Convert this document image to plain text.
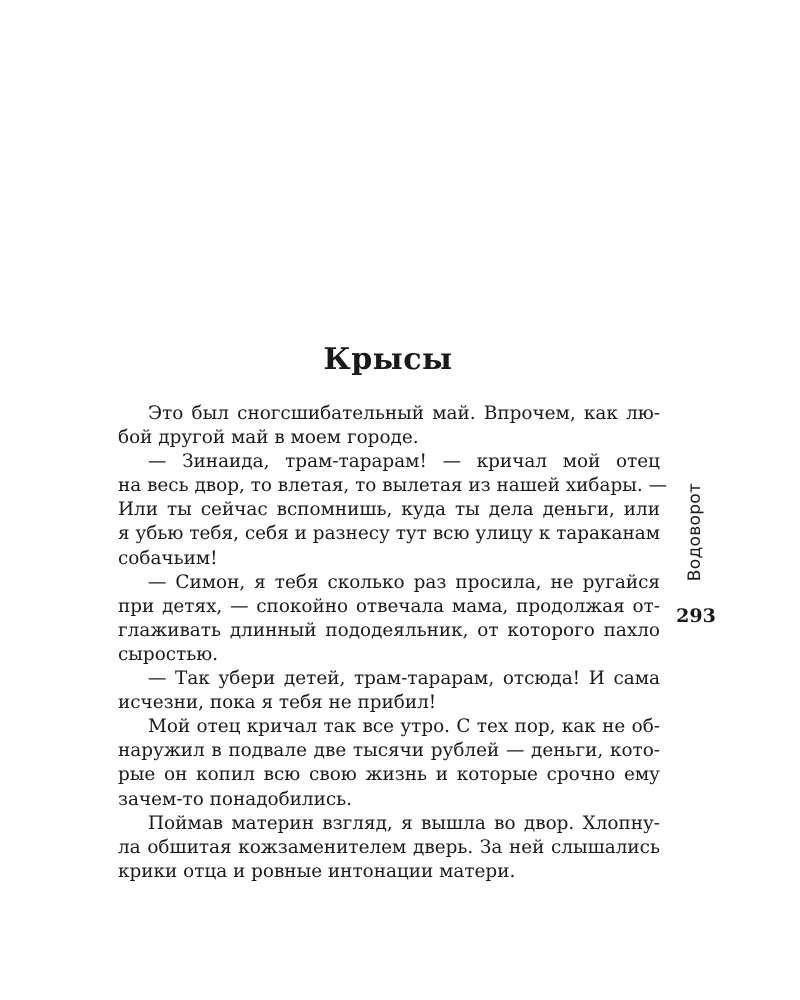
Крысы
Это был сногсшибательный май. Впрочем, как лю-
бой другой май в моем городе.
— Зинаида, трам-тарарам! — кричал мой отец
на весь двор, то влетая, то вылетая из нашей хибары. —
Или ты сейчас вспомнишь, куда ты дела деньги, или
я убью тебя, себя и разнесу тут всю улицу к тараканам
собачьим!
— Симон, я тебя сколько раз просила, не ругайся
при детях, — спокойно отвечала мама, продолжая от-
глаживать длинный пододеяльник, от которого пахло
сыростью.
— Так убери детей, трам-тарарам, отсюда! И сама
исчезни, пока я тебя не прибил!
Мой отец кричал так все утро. С тех пор, как не об-
наружил в подвале две тысячи рублей — деньги, кото-
рые он копил всю свою жизнь и которые срочно ему
зачем-то понадобились.
Поймав материн взгляд, я вышла во двор. Хлопну-
ла обшитая кожзаменителем дверь. За ней слышались
крики отца и ровные интонации матери.
Водоворот
293
